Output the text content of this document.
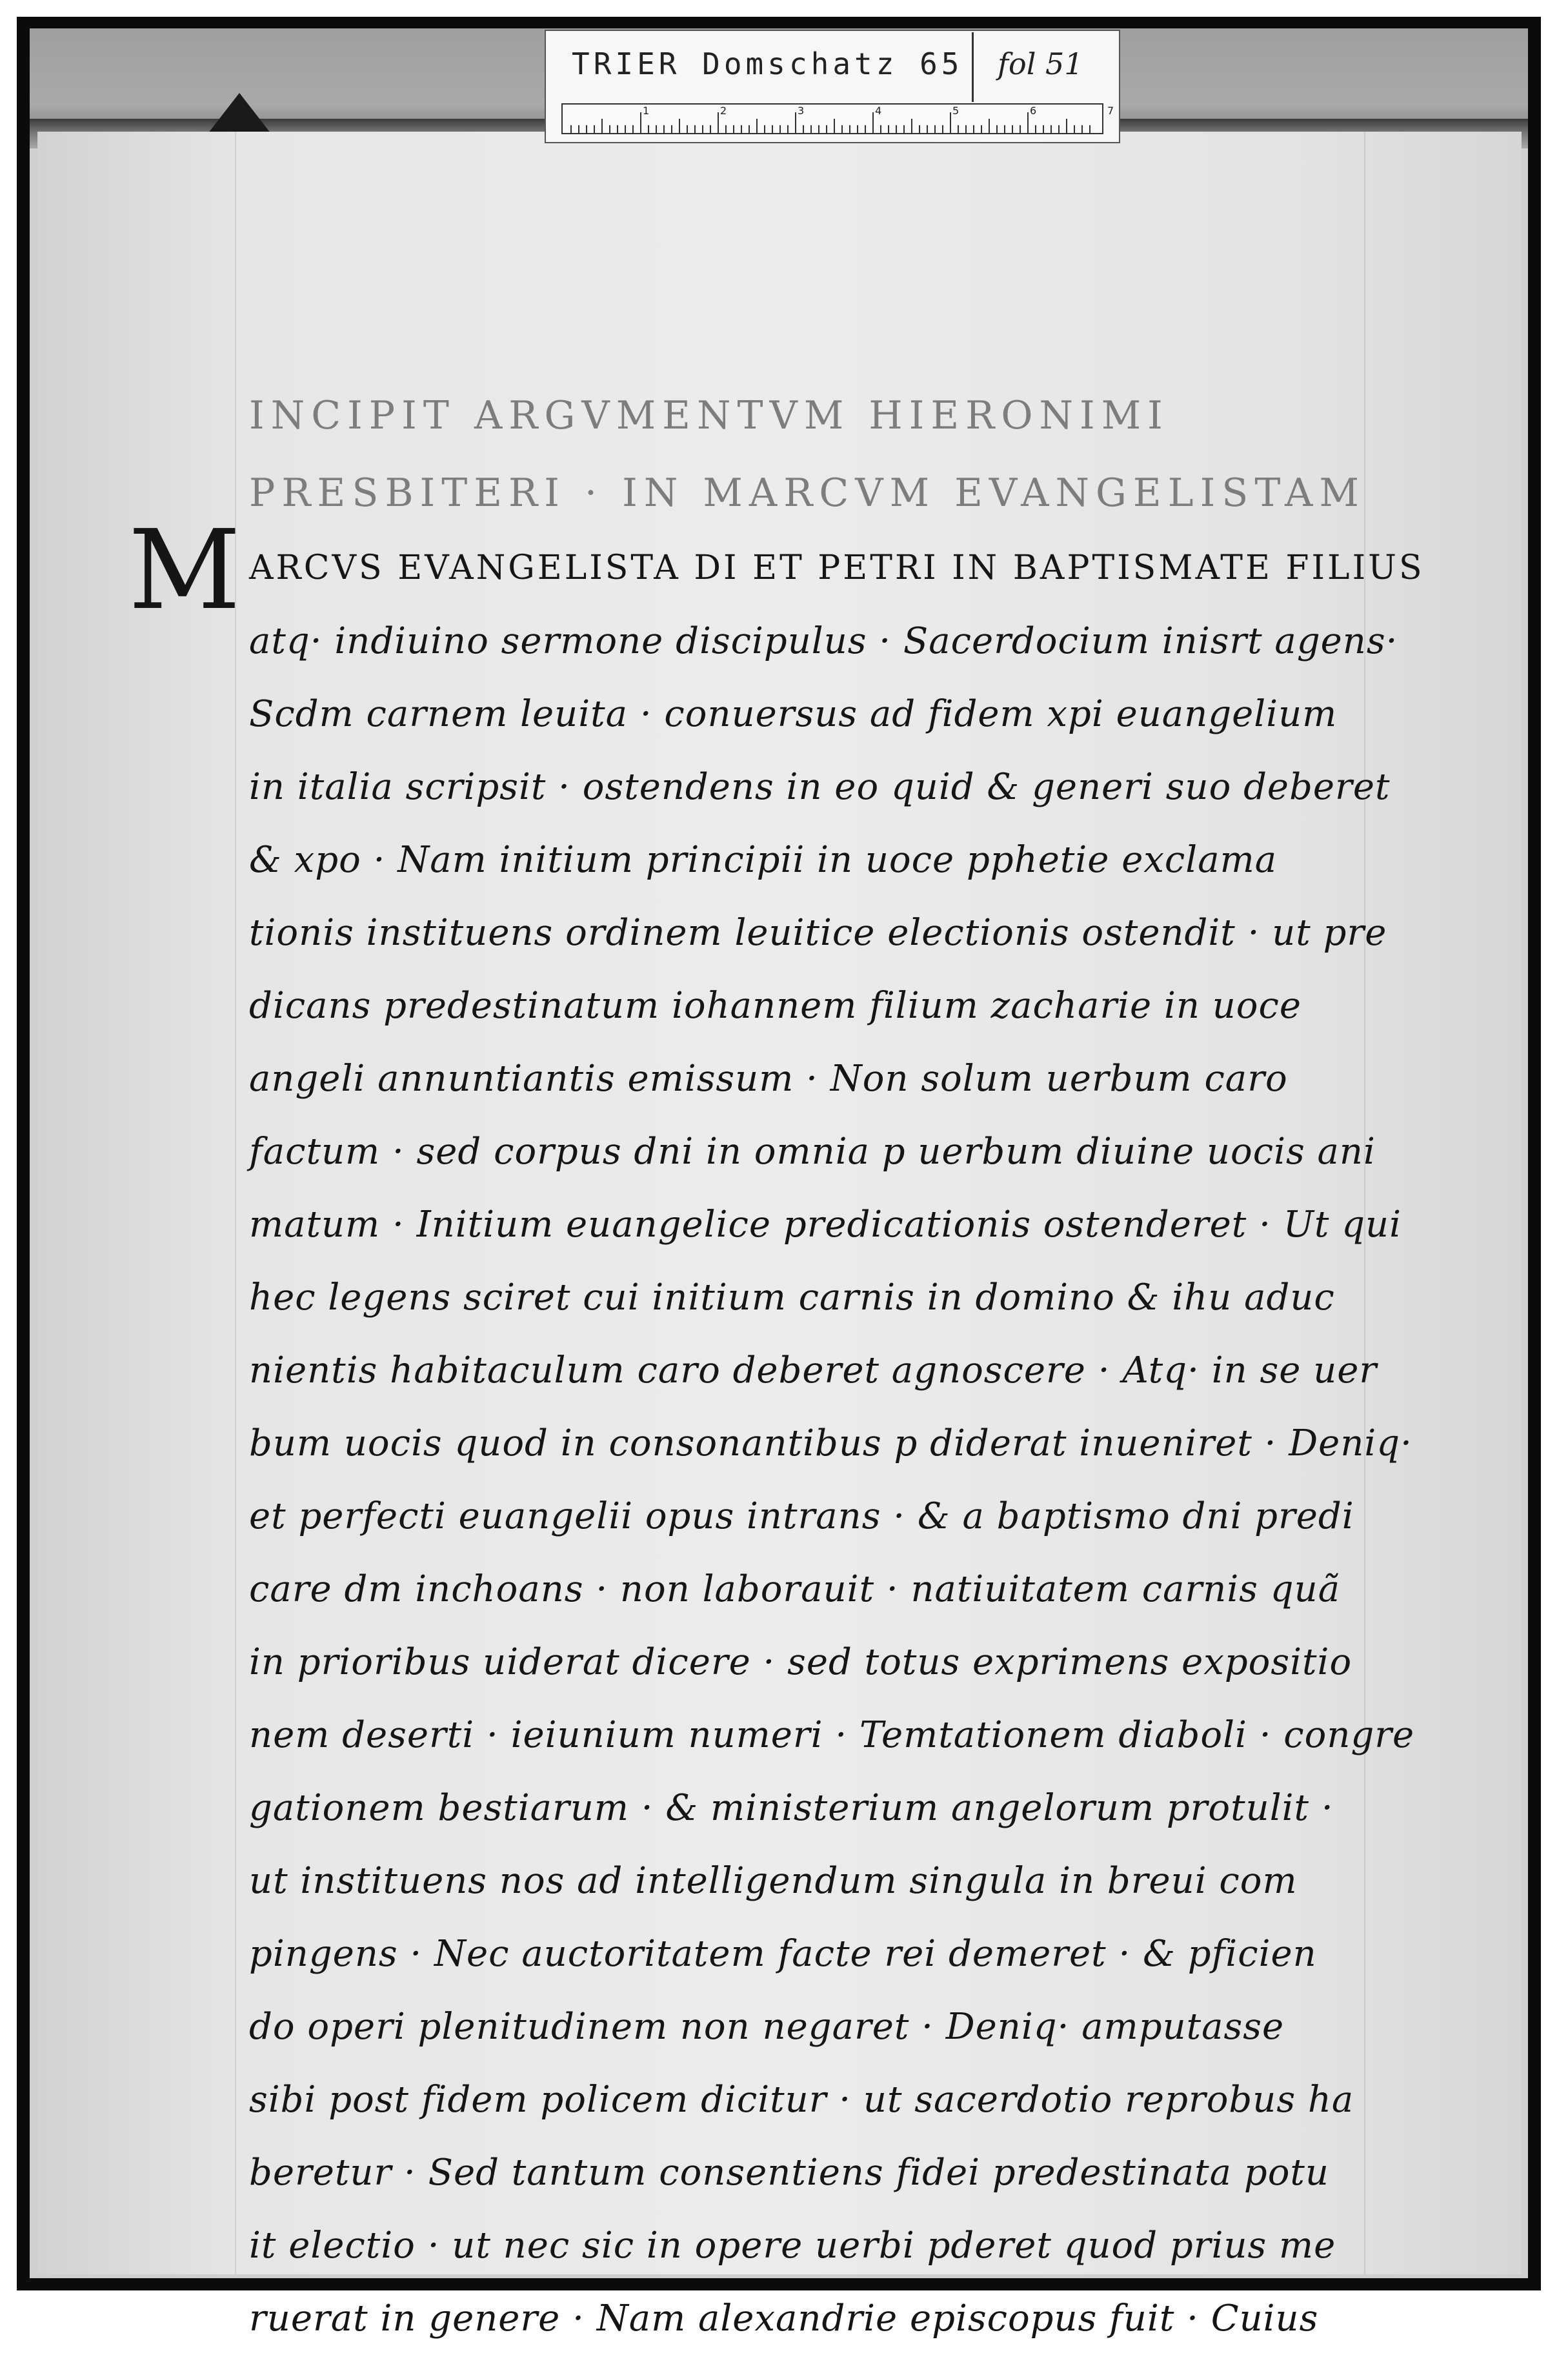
TRIER Domschatz 65 fol 51
1	2	3	4	5	6	7
M
INCIPIT ARGVMENTVM HIERONIMI
PRESBITERI · IN MARCVM EVANGELISTAM
ARCVS EVANGELISTA DI ET PETRI IN BAPTISMATE FILIUS
atq· indiuino sermone discipulus · Sacerdocium inisrt agens·
Scdm carnem leuita · conuersus ad fidem xpi euangelium
in italia scripsit · ostendens in eo quid & generi suo deberet
& xpo · Nam initium principii in uoce pphetie exclama
tionis instituens ordinem leuitice electionis ostendit · ut pre
dicans predestinatum iohannem filium zacharie in uoce
angeli annuntiantis emissum · Non solum uerbum caro
factum · sed corpus dni in omnia p uerbum diuine uocis ani
matum · Initium euangelice predicationis ostenderet · Ut qui
hec legens sciret cui initium carnis in domino & ihu aduc
nientis habitaculum caro deberet agnoscere · Atq· in se uer
bum uocis quod in consonantibus p diderat inueniret · Deniq·
et perfecti euangelii opus intrans · & a baptismo dni predi
care dm inchoans · non laborauit · natiuitatem carnis quã
in prioribus uiderat dicere · sed totus exprimens expositio
nem deserti · ieiunium numeri · Temtationem diaboli · congre
gationem bestiarum · & ministerium angelorum protulit ·
ut instituens nos ad intelligendum singula in breui com
pingens · Nec auctoritatem facte rei demeret · & pficien
do operi plenitudinem non negaret · Deniq· amputasse
sibi post fidem policem dicitur · ut sacerdotio reprobus ha
beretur · Sed tantum consentiens fidei predestinata potu
it electio · ut nec sic in opere uerbi pderet quod prius me
ruerat in genere · Nam alexandrie episcopus fuit · Cuius
